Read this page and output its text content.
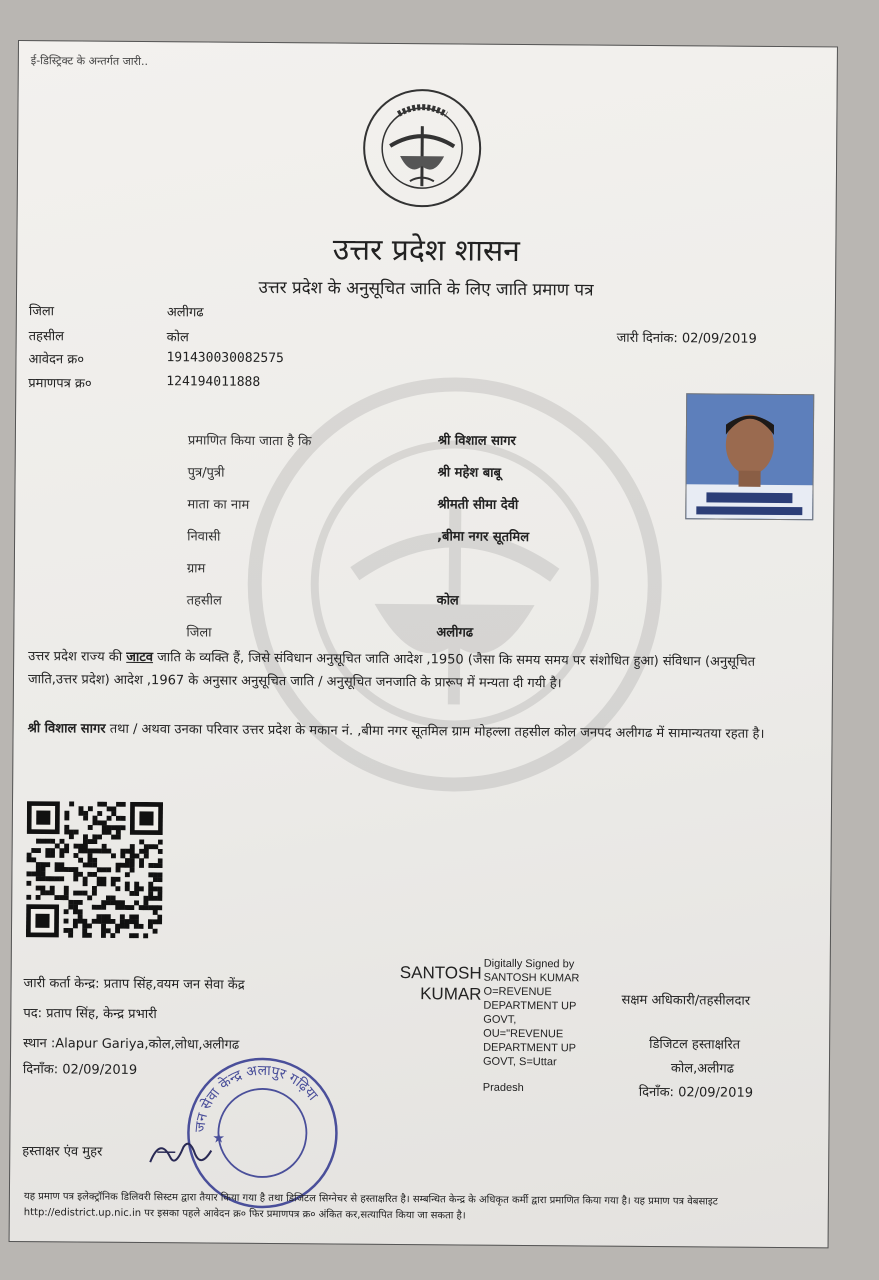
ई-डिस्ट्रिक्ट के अन्तर्गत जारी..
उत्तर प्रदेश शासन
उत्तर प्रदेश के अनुसूचित जाति के लिए जाति प्रमाण पत्र
जिला	अलीगढ
तहसील	कोल
आवेदन क्र०	191430030082575
प्रमाणपत्र क्र०	124194011888
जारी दिनांक: 02/09/2019
प्रमाणित किया जाता है कि	श्री विशाल सागर
पुत्र/पुत्री	श्री महेश बाबू
माता का नाम	श्रीमती सीमा देवी
निवासी	,बीमा नगर सूतमिल
ग्राम
तहसील	कोल
जिला	अलीगढ
उत्तर प्रदेश राज्य की जाटव जाति के व्यक्ति हैं, जिसे संविधान अनुसूचित जाति आदेश ,1950 (जैसा कि समय समय पर संशोधित हुआ) संविधान (अनुसूचित जाति,उत्तर प्रदेश) आदेश ,1967 के अनुसार अनुसूचित जाति / अनुसूचित जनजाति के प्रारूप में मन्यता दी गयी है।
श्री विशाल सागर तथा / अथवा उनका परिवार उत्तर प्रदेश के मकान नं. ,बीमा नगर सूतमिल ग्राम मोहल्ला तहसील कोल जनपद अलीगढ में सामान्यतया रहता है।
जारी कर्ता केन्द्र: प्रताप सिंह,वयम जन सेवा केंद्र
पद: प्रताप सिंह, केन्द्र प्रभारी
स्थान :Alapur Gariya,कोल,लोधा,अलीगढ
दिनाँक: 02/09/2019
हस्ताक्षर एंव मुहर
SANTOSH
KUMAR
Digitally Signed by
SANTOSH KUMAR
O=REVENUE
DEPARTMENT UP
GOVT,
OU="REVENUE
DEPARTMENT UP
GOVT, S=Uttar
Pradesh
सक्षम अधिकारी/तहसीलदार
डिजिटल हस्ताक्षरित
कोल,अलीगढ
दिनाँक: 02/09/2019
जन सेवा केन्द्र अलापुर गढ़िया
★
यह प्रमाण पत्र इलेक्ट्रॉनिक डिलिवरी सिस्टम द्वारा तैयार किया गया है तथा डिजिटल सिग्नेचर से हस्ताक्षरित है। सम्बन्धित केन्द्र के अधिकृत कर्मी द्वारा प्रमाणित किया गया है। यह प्रमाण पत्र वेबसाइट http://edistrict.up.nic.in पर इसका पहले आवेदन क्र० फिर प्रमाणपत्र क्र० अंकित कर,सत्यापित किया जा सकता है।
